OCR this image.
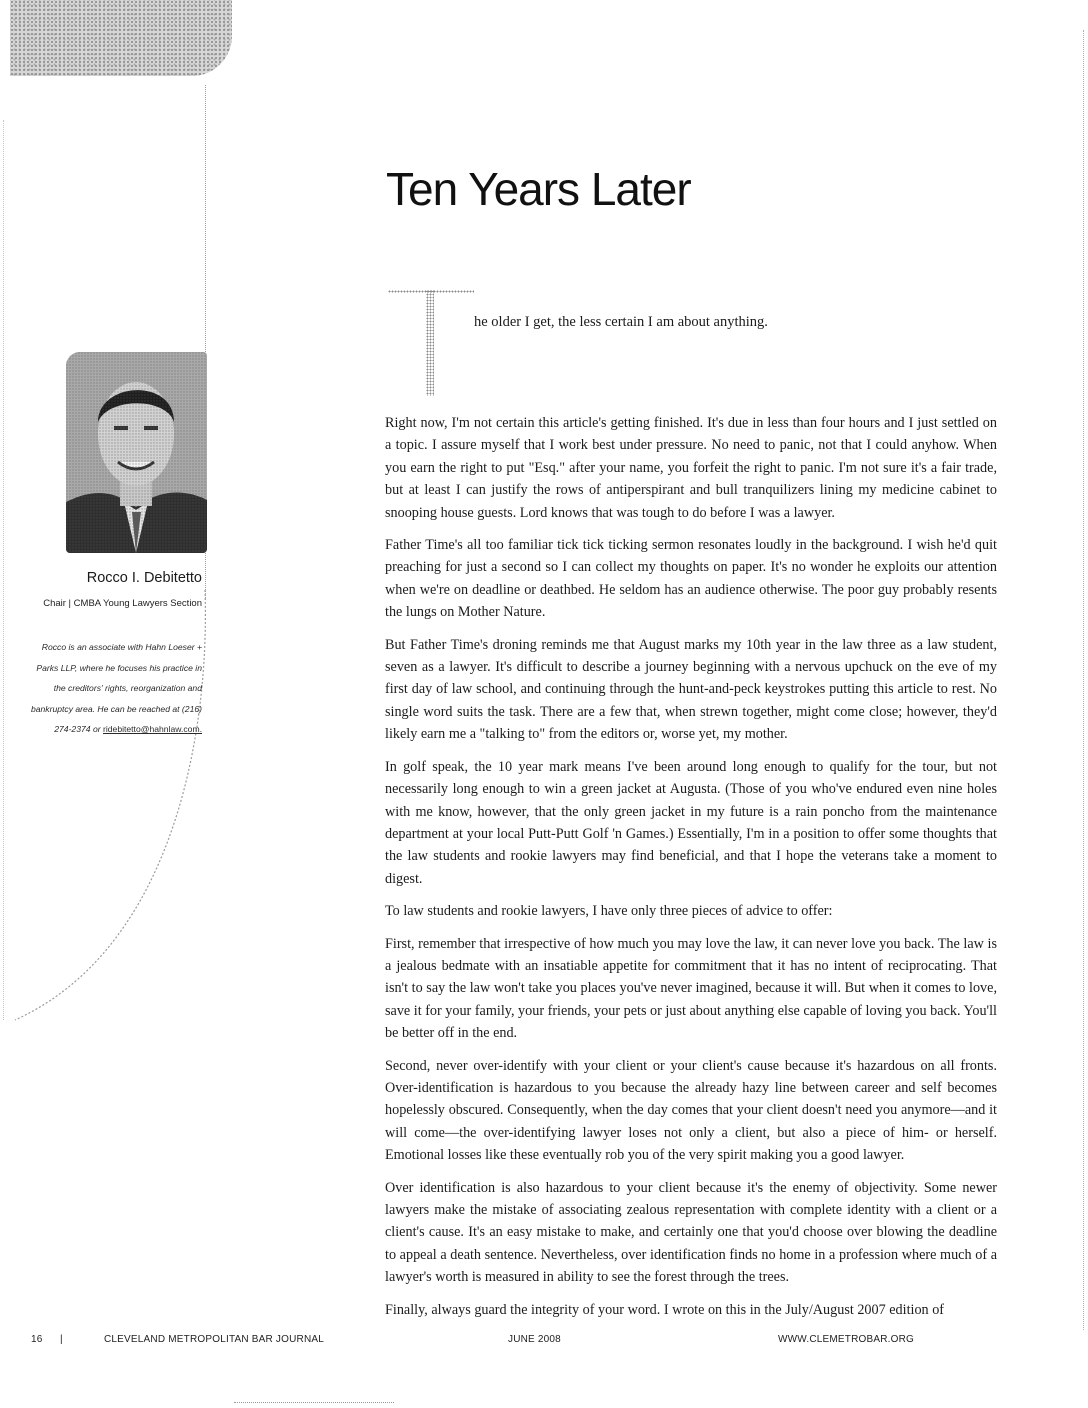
Ten Years Later

he older I get, the less certain I am about anything.

Right now, I'm not certain this article's getting finished. It's due in less than four hours and I just settled on a topic. I assure myself that I work best under pressure. No need to panic, not that I could anyhow. When you earn the right to put "Esq." after your name, you forfeit the right to panic. I'm not sure it's a fair trade, but at least I can justify the rows of antiperspirant and bull tranquilizers lining my medicine cabinet to snooping house guests. Lord knows that was tough to do before I was a lawyer.

Father Time's all too familiar tick tick ticking sermon resonates loudly in the background. I wish he'd quit preaching for just a second so I can collect my thoughts on paper. It's no wonder he exploits our attention when we're on deadline or deathbed. He seldom has an audience otherwise. The poor guy probably resents the lungs on Mother Nature.

But Father Time's droning reminds me that August marks my 10th year in the law three as a law student, seven as a lawyer. It's difficult to describe a journey beginning with a nervous upchuck on the eve of my first day of law school, and continuing through the hunt-and-peck keystrokes putting this article to rest. No single word suits the task. There are a few that, when strewn together, might come close; however, they'd likely earn me a "talking to" from the editors or, worse yet, my mother.

In golf speak, the 10 year mark means I've been around long enough to qualify for the tour, but not necessarily long enough to win a green jacket at Augusta. (Those of you who've endured even nine holes with me know, however, that the only green jacket in my future is a rain poncho from the maintenance department at your local Putt-Putt Golf 'n Games.) Essentially, I'm in a position to offer some thoughts that the law students and rookie lawyers may find beneficial, and that I hope the veterans take a moment to digest.

To law students and rookie lawyers, I have only three pieces of advice to offer:

First, remember that irrespective of how much you may love the law, it can never love you back. The law is a jealous bedmate with an insatiable appetite for commitment that it has no intent of reciprocating. That isn't to say the law won't take you places you've never imagined, because it will. But when it comes to love, save it for your family, your friends, your pets or just about anything else capable of loving you back. You'll be better off in the end.

Second, never over-identify with your client or your client's cause because it's hazardous on all fronts. Over-identification is hazardous to you because the already hazy line between career and self becomes hopelessly obscured. Consequently, when the day comes that your client doesn't need you anymore—and it will come—the over-identifying lawyer loses not only a client, but also a piece of him- or herself. Emotional losses like these eventually rob you of the very spirit making you a good lawyer.

Over identification is also hazardous to your client because it's the enemy of objectivity. Some newer lawyers make the mistake of associating zealous representation with complete identity with a client or a client's cause. It's an easy mistake to make, and certainly one that you'd choose over blowing the deadline to appeal a death sentence. Nevertheless, over identification finds no home in a profession where much of a lawyer's worth is measured in ability to see the forest through the trees.

Finally, always guard the integrity of your word. I wrote on this in the July/August 2007 edition of

Rocco I. Debitetto

Chair | CMBA Young Lawyers Section

Rocco is an associate with Hahn Loeser + Parks LLP, where he focuses his practice in the creditors' rights, reorganization and bankruptcy area. He can be reached at (216) 274-2374 or ridebitetto@hahnlaw.com.

16 |	CLEVELAND METROPOLITAN BAR JOURNAL	JUNE 2008	WWW.CLEMETROBAR.ORG
